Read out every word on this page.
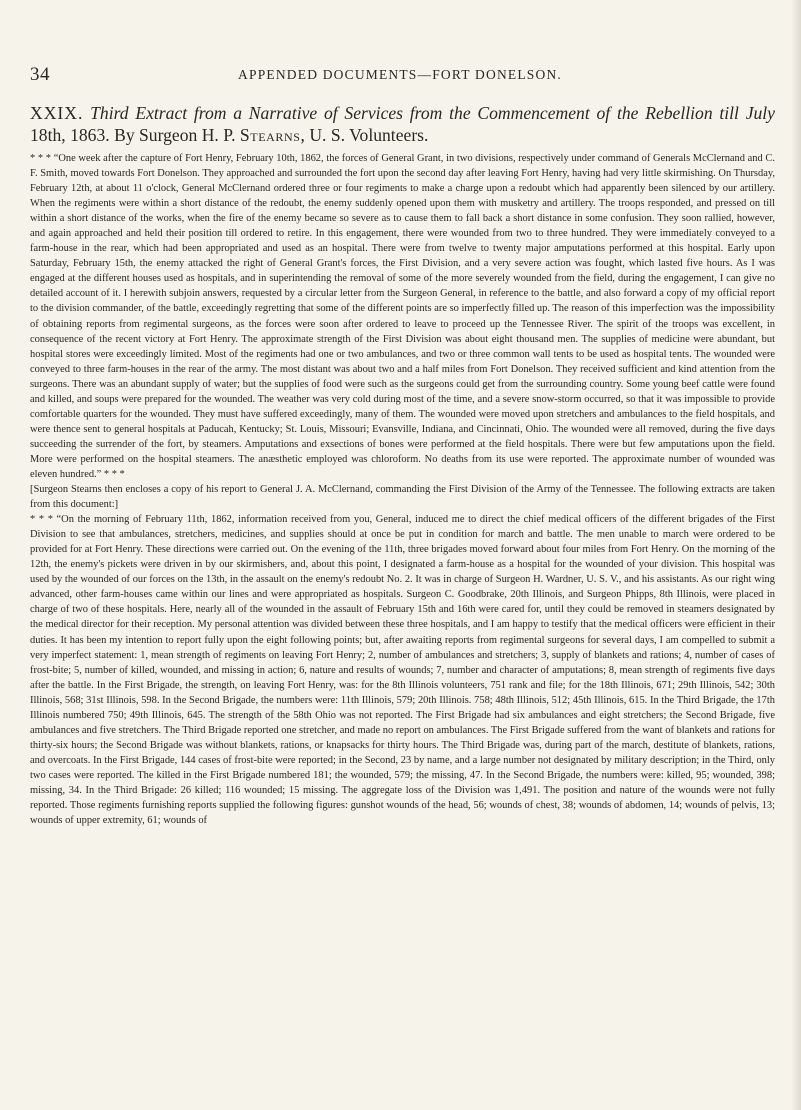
34	APPENDED DOCUMENTS—FORT DONELSON.
XXIX. Third Extract from a Narrative of Services from the Commencement of the Rebellion till July 18th, 1863. By Surgeon H. P. Stearns, U. S. Volunteers.

* * * “One week after the capture of Fort Henry, February 10th, 1862, the forces of General Grant, in two divisions, respectively under command of Generals McClernand and C. F. Smith, moved towards Fort Donelson. They approached and surrounded the fort upon the second day after leaving Fort Henry, having had very little skirmishing. On Thursday, February 12th, at about 11 o'clock, General McClernand ordered three or four regiments to make a charge upon a redoubt which had apparently been silenced by our artillery. When the regiments were within a short distance of the redoubt, the enemy suddenly opened upon them with musketry and artillery. The troops responded, and pressed on till within a short distance of the works, when the fire of the enemy became so severe as to cause them to fall back a short distance in some confusion. They soon rallied, however, and again approached and held their position till ordered to retire. In this engagement, there were wounded from two to three hundred. They were immediately conveyed to a farm-house in the rear, which had been appropriated and used as an hospital. There were from twelve to twenty major amputations performed at this hospital. Early upon Saturday, February 15th, the enemy attacked the right of General Grant's forces, the First Division, and a very severe action was fought, which lasted five hours. As I was engaged at the different houses used as hospitals, and in superintending the removal of some of the more severely wounded from the field, during the engagement, I can give no detailed account of it. I herewith subjoin answers, requested by a circular letter from the Surgeon General, in reference to the battle, and also forward a copy of my official report to the division commander, of the battle, exceedingly regretting that some of the different points are so imperfectly filled up. The reason of this imperfection was the impossibility of obtaining reports from regimental surgeons, as the forces were soon after ordered to leave to proceed up the Tennessee River. The spirit of the troops was excellent, in consequence of the recent victory at Fort Henry. The approximate strength of the First Division was about eight thousand men. The supplies of medicine were abundant, but hospital stores were exceedingly limited. Most of the regiments had one or two ambulances, and two or three common wall tents to be used as hospital tents. The wounded were conveyed to three farm-houses in the rear of the army. The most distant was about two and a half miles from Fort Donelson. They received sufficient and kind attention from the surgeons. There was an abundant supply of water; but the supplies of food were such as the surgeons could get from the surrounding country. Some young beef cattle were found and killed, and soups were prepared for the wounded. The weather was very cold during most of the time, and a severe snow-storm occurred, so that it was impossible to provide comfortable quarters for the wounded. They must have suffered exceedingly, many of them. The wounded were moved upon stretchers and ambulances to the field hospitals, and were thence sent to general hospitals at Paducah, Kentucky; St. Louis, Missouri; Evansville, Indiana, and Cincinnati, Ohio. The wounded were all removed, during the five days succeeding the surrender of the fort, by steamers. Amputations and exsections of bones were performed at the field hospitals. There were but few amputations upon the field. More were performed on the hospital steamers. The anæsthetic employed was chloroform. No deaths from its use were reported. The approximate number of wounded was eleven hundred.” * * *

[Surgeon Stearns then encloses a copy of his report to General J. A. McClernand, commanding the First Division of the Army of the Tennessee. The following extracts are taken from this document:]

* * * “On the morning of February 11th, 1862, information received from you, General, induced me to direct the chief medical officers of the different brigades of the First Division to see that ambulances, stretchers, medicines, and supplies should at once be put in condition for march and battle. The men unable to march were ordered to be provided for at Fort Henry. These directions were carried out. On the evening of the 11th, three brigades moved forward about four miles from Fort Henry. On the morning of the 12th, the enemy's pickets were driven in by our skirmishers, and, about this point, I designated a farm-house as a hospital for the wounded of your division. This hospital was used by the wounded of our forces on the 13th, in the assault on the enemy's redoubt No. 2. It was in charge of Surgeon H. Wardner, U. S. V., and his assistants. As our right wing advanced, other farm-houses came within our lines and were appropriated as hospitals. Surgeon C. Goodbrake, 20th Illinois, and Surgeon Phipps, 8th Illinois, were placed in charge of two of these hospitals. Here, nearly all of the wounded in the assault of February 15th and 16th were cared for, until they could be removed in steamers designated by the medical director for their reception. My personal attention was divided between these three hospitals, and I am happy to testify that the medical officers were efficient in their duties. It has been my intention to report fully upon the eight following points; but, after awaiting reports from regimental surgeons for several days, I am compelled to submit a very imperfect statement: 1, mean strength of regiments on leaving Fort Henry; 2, number of ambulances and stretchers; 3, supply of blankets and rations; 4, number of cases of frost-bite; 5, number of killed, wounded, and missing in action; 6, nature and results of wounds; 7, number and character of amputations; 8, mean strength of regiments five days after the battle. In the First Brigade, the strength, on leaving Fort Henry, was: for the 8th Illinois volunteers, 751 rank and file; for the 18th Illinois, 671; 29th Illinois, 542; 30th Illinois, 568; 31st Illinois, 598. In the Second Brigade, the numbers were: 11th Illinois, 579; 20th Illinois. 758; 48th Illinois, 512; 45th Illinois, 615. In the Third Brigade, the 17th Illinois numbered 750; 49th Illinois, 645. The strength of the 58th Ohio was not reported. The First Brigade had six ambulances and eight stretchers; the Second Brigade, five ambulances and five stretchers. The Third Brigade reported one stretcher, and made no report on ambulances. The First Brigade suffered from the want of blankets and rations for thirty-six hours; the Second Brigade was without blankets, rations, or knapsacks for thirty hours. The Third Brigade was, during part of the march, destitute of blankets, rations, and overcoats. In the First Brigade, 144 cases of frost-bite were reported; in the Second, 23 by name, and a large number not designated by military description; in the Third, only two cases were reported. The killed in the First Brigade numbered 181; the wounded, 579; the missing, 47. In the Second Brigade, the numbers were: killed, 95; wounded, 398; missing, 34. In the Third Brigade: 26 killed; 116 wounded; 15 missing. The aggregate loss of the Division was 1,491. The position and nature of the wounds were not fully reported. Those regiments furnishing reports supplied the following figures: gunshot wounds of the head, 56; wounds of chest, 38; wounds of abdomen, 14; wounds of pelvis, 13; wounds of upper extremity, 61; wounds of
